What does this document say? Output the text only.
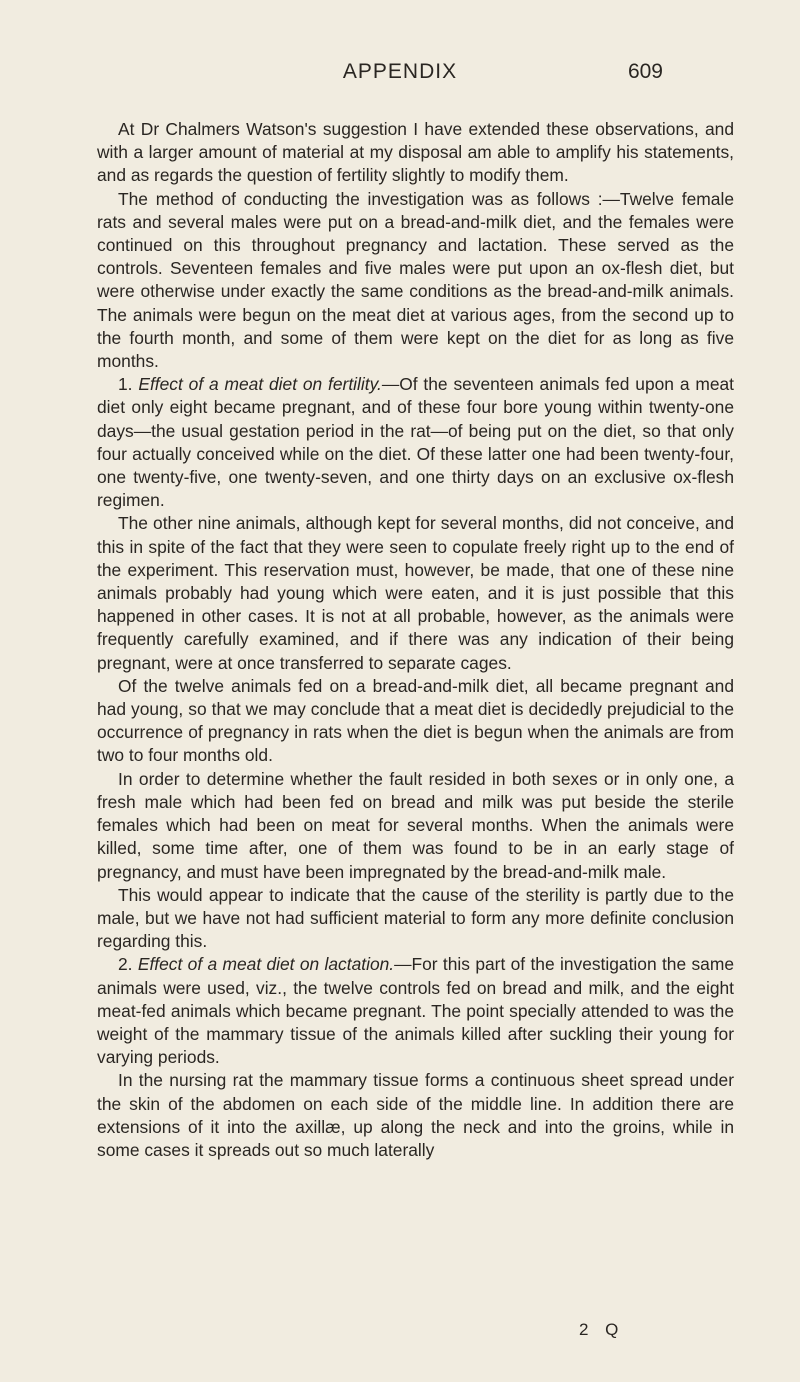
APPENDIX	609

At Dr Chalmers Watson's suggestion I have extended these observations, and with a larger amount of material at my disposal am able to amplify his statements, and as regards the question of fertility slightly to modify them.

The method of conducting the investigation was as follows :—Twelve female rats and several males were put on a bread-and-milk diet, and the females were continued on this throughout pregnancy and lactation. These served as the controls. Seventeen females and five males were put upon an ox-flesh diet, but were otherwise under exactly the same conditions as the bread-and-milk animals. The animals were begun on the meat diet at various ages, from the second up to the fourth month, and some of them were kept on the diet for as long as five months.

1. Effect of a meat diet on fertility.—Of the seventeen animals fed upon a meat diet only eight became pregnant, and of these four bore young within twenty-one days—the usual gestation period in the rat—of being put on the diet, so that only four actually conceived while on the diet. Of these latter one had been twenty-four, one twenty-five, one twenty-seven, and one thirty days on an exclusive ox-flesh regimen.

The other nine animals, although kept for several months, did not conceive, and this in spite of the fact that they were seen to copulate freely right up to the end of the experiment. This reservation must, however, be made, that one of these nine animals probably had young which were eaten, and it is just possible that this happened in other cases. It is not at all probable, however, as the animals were frequently carefully examined, and if there was any indication of their being pregnant, were at once transferred to separate cages.

Of the twelve animals fed on a bread-and-milk diet, all became pregnant and had young, so that we may conclude that a meat diet is decidedly prejudicial to the occurrence of pregnancy in rats when the diet is begun when the animals are from two to four months old.

In order to determine whether the fault resided in both sexes or in only one, a fresh male which had been fed on bread and milk was put beside the sterile females which had been on meat for several months. When the animals were killed, some time after, one of them was found to be in an early stage of pregnancy, and must have been impregnated by the bread-and-milk male.

This would appear to indicate that the cause of the sterility is partly due to the male, but we have not had sufficient material to form any more definite conclusion regarding this.

2. Effect of a meat diet on lactation.—For this part of the investigation the same animals were used, viz., the twelve controls fed on bread and milk, and the eight meat-fed animals which became pregnant. The point specially attended to was the weight of the mammary tissue of the animals killed after suckling their young for varying periods.

In the nursing rat the mammary tissue forms a continuous sheet spread under the skin of the abdomen on each side of the middle line. In addition there are extensions of it into the axillæ, up along the neck and into the groins, while in some cases it spreads out so much laterally

2 Q
